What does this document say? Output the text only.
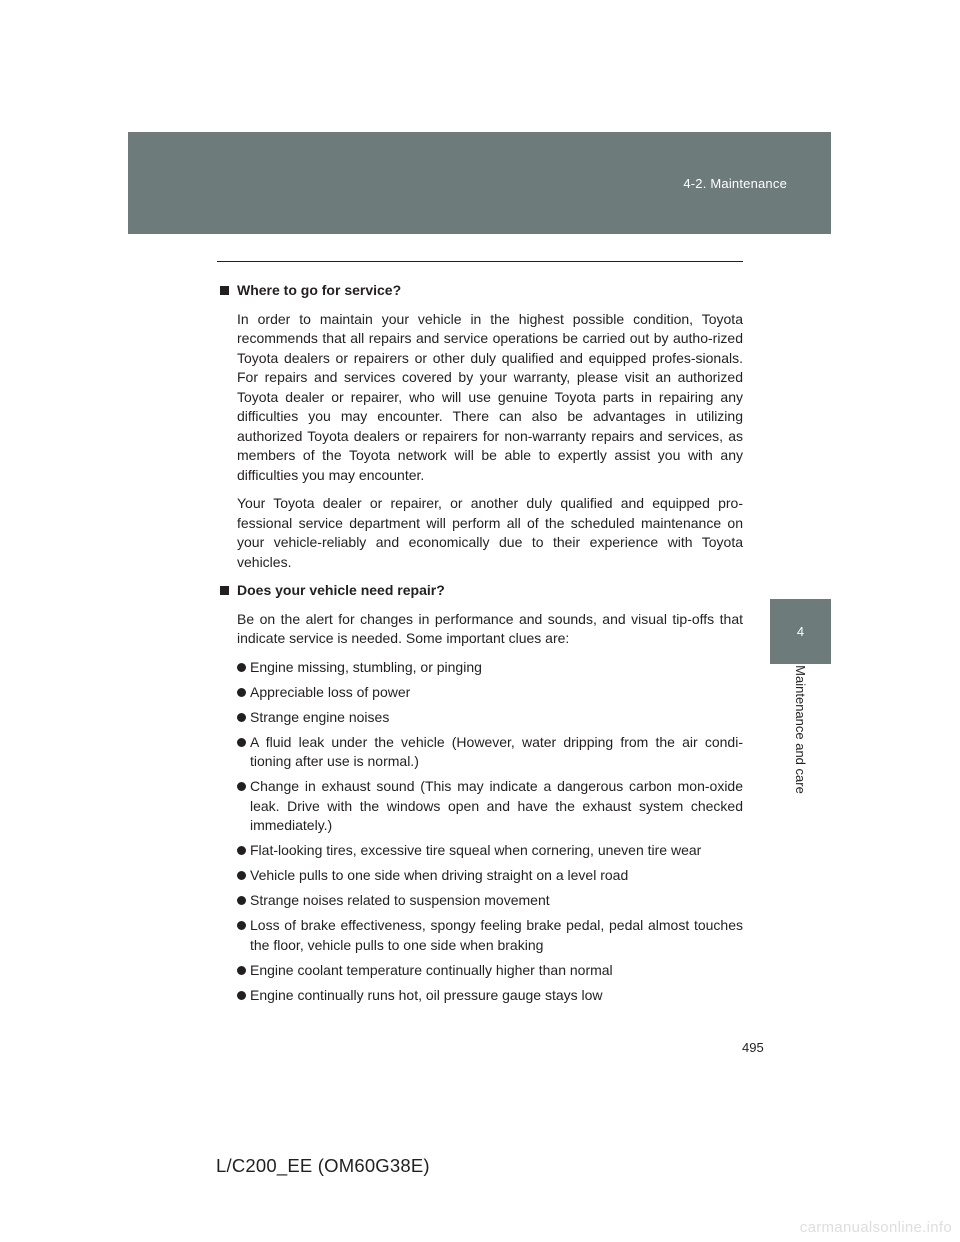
4-2. Maintenance
4
Maintenance and care

Where to go for service?

In order to maintain your vehicle in the highest possible condition, Toyota recommends that all repairs and service operations be carried out by autho-rized Toyota dealers or repairers or other duly qualified and equipped profes-sionals. For repairs and services covered by your warranty, please visit an authorized Toyota dealer or repairer, who will use genuine Toyota parts in repairing any difficulties you may encounter. There can also be advantages in utilizing authorized Toyota dealers or repairers for non-warranty repairs and services, as members of the Toyota network will be able to expertly assist you with any difficulties you may encounter.

Your Toyota dealer or repairer, or another duly qualified and equipped pro-fessional service department will perform all of the scheduled maintenance on your vehicle-reliably and economically due to their experience with Toyota vehicles.

Does your vehicle need repair?

Be on the alert for changes in performance and sounds, and visual tip-offs that indicate service is needed. Some important clues are:

Engine missing, stumbling, or pinging
Appreciable loss of power
Strange engine noises
A fluid leak under the vehicle (However, water dripping from the air condi-tioning after use is normal.)
Change in exhaust sound (This may indicate a dangerous carbon mon-oxide leak. Drive with the windows open and have the exhaust system checked immediately.)
Flat-looking tires, excessive tire squeal when cornering, uneven tire wear
Vehicle pulls to one side when driving straight on a level road
Strange noises related to suspension movement
Loss of brake effectiveness, spongy feeling brake pedal, pedal almost touches the floor, vehicle pulls to one side when braking
Engine coolant temperature continually higher than normal
Engine continually runs hot, oil pressure gauge stays low
495
L/C200_EE (OM60G38E)
carmanualsonline.info
